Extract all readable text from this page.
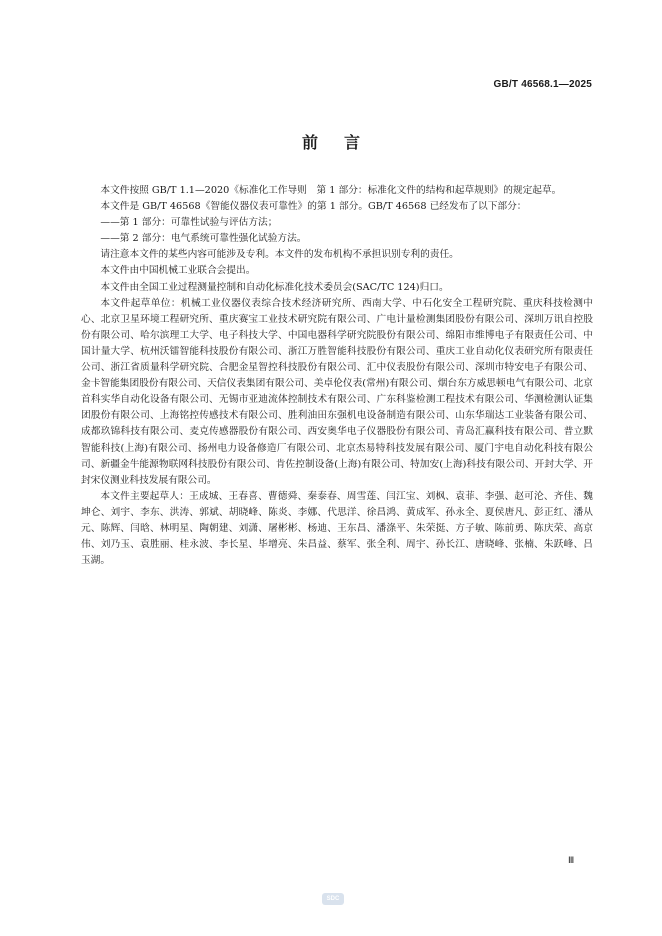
GB/T 46568.1—2025
前言

本文件按照 GB/T 1.1—2020《标准化工作导则　第 1 部分：标准化文件的结构和起草规则》的规定起草。

本文件是 GB/T 46568《智能仪器仪表可靠性》的第 1 部分。GB/T 46568 已经发布了以下部分：

——第 1 部分：可靠性试验与评估方法；

——第 2 部分：电气系统可靠性强化试验方法。

请注意本文件的某些内容可能涉及专利。本文件的发布机构不承担识别专利的责任。

本文件由中国机械工业联合会提出。

本文件由全国工业过程测量控制和自动化标准化技术委员会(SAC/TC 124)归口。

本文件起草单位：机械工业仪器仪表综合技术经济研究所、西南大学、中石化安全工程研究院、重庆科技检测中心、北京卫星环境工程研究所、重庆赛宝工业技术研究院有限公司、广电计量检测集团股份有限公司、深圳万讯自控股份有限公司、哈尔滨理工大学、电子科技大学、中国电器科学研究院股份有限公司、绵阳市维博电子有限责任公司、中国计量大学、杭州沃镭智能科技股份有限公司、浙江万胜智能科技股份有限公司、重庆工业自动化仪表研究所有限责任公司、浙江省质量科学研究院、合肥金星智控科技股份有限公司、汇中仪表股份有限公司、深圳市特安电子有限公司、金卡智能集团股份有限公司、天信仪表集团有限公司、美卓伦仪表(常州)有限公司、烟台东方威思顿电气有限公司、北京首科实华自动化设备有限公司、无锡市亚迪流体控制技术有限公司、广东科鉴检测工程技术有限公司、华测检测认证集团股份有限公司、上海铭控传感技术有限公司、胜利油田东强机电设备制造有限公司、山东华瑞达工业装备有限公司、成都玖锦科技有限公司、麦克传感器股份有限公司、西安奥华电子仪器股份有限公司、青岛汇赢科技有限公司、普立默智能科技(上海)有限公司、扬州电力设备修造厂有限公司、北京杰易特科技发展有限公司、厦门宇电自动化科技有限公司、新疆金牛能源物联网科技股份有限公司、肯佐控制设备(上海)有限公司、特加安(上海)科技有限公司、开封大学、开封宋仪测业科技发展有限公司。

本文件主要起草人：王成城、王春喜、曹德舜、秦泰春、周雪莲、闫江宝、刘枫、袁菲、李强、赵可沦、齐佳、魏坤仑、刘宇、李东、洪涛、郭斌、胡晓峰、陈炎、李娜、代思洋、徐昌鸿、黄成军、孙永全、夏侯唐凡、彭正红、潘从元、陈辉、闫晗、林明星、陶朝建、刘潇、屠彬彬、杨迪、王东昌、潘涤平、朱荣挺、方子敏、陈前勇、陈庆荣、高京伟、刘乃玉、袁胜丽、桂永波、李长星、毕增亮、朱昌益、蔡军、张全利、周宇、孙长江、唐晓峰、张楠、朱跃峰、吕玉湖。

Ⅲ
SDC
